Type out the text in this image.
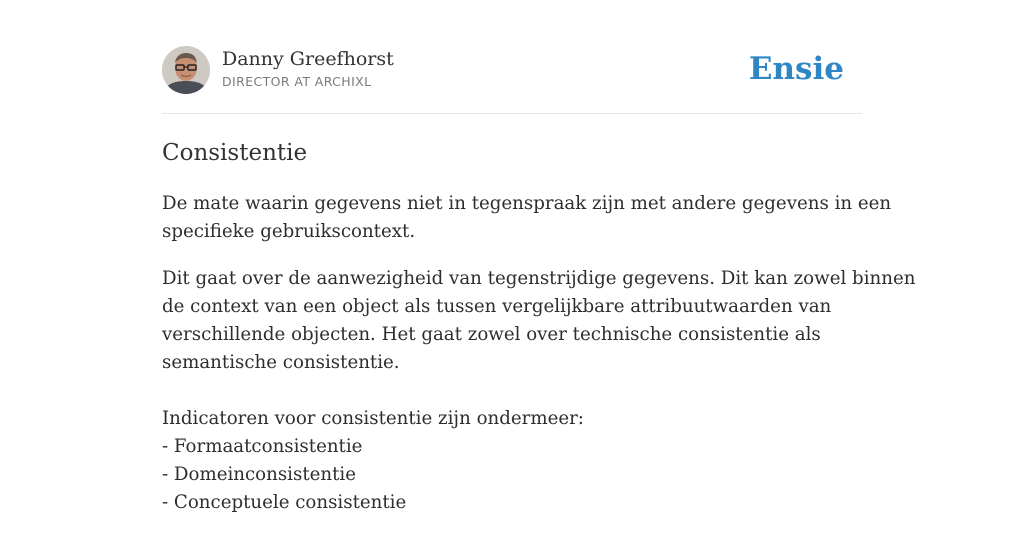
Danny Greefhorst
DIRECTOR AT ARCHIXL	Ensie
Consistentie

De mate waarin gegevens niet in tegenspraak zijn met andere gegevens in een
specifieke gebruikscontext.

Dit gaat over de aanwezigheid van tegenstrijdige gegevens. Dit kan zowel binnen
de context van een object als tussen vergelijkbare attribuutwaarden van
verschillende objecten. Het gaat zowel over technische consistentie als
semantische consistentie.
Indicatoren voor consistentie zijn ondermeer:
- Formaatconsistentie
- Domeinconsistentie
- Conceptuele consistentie
